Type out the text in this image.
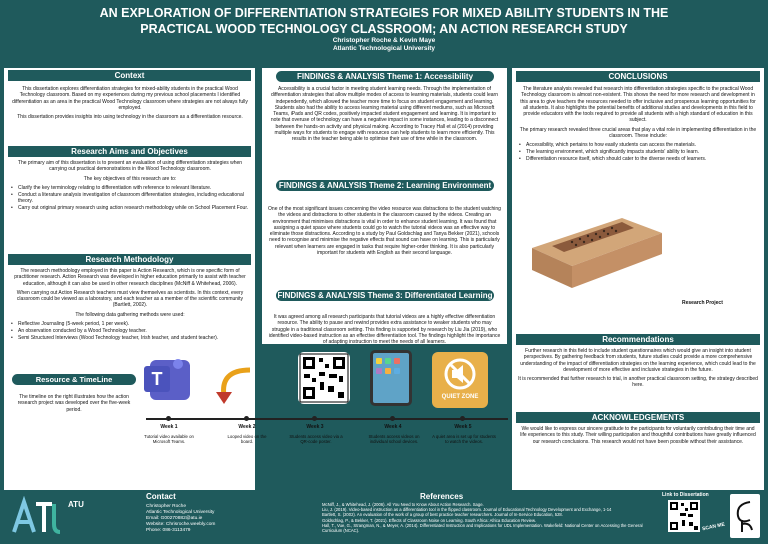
AN EXPLORATION OF DIFFERENTIATION STRATEGIES FOR MIXED ABILITY STUDENTS IN THE
PRACTICAL WOOD TECHNOLOGY CLASSROOM; AN ACTION RESEARCH STUDY
Christopher Roche & Kevin Maye
Atlantic Technological University
Context

This dissertation explores differentiation strategies for mixed-ability students in the practical Wood Technology classroom. Based on my experiences during my previous school placements I identified differentiation as an area in the practical Wood Technology classroom where strategies are not always fully employed.

This dissertation provides insights into using technology in the classroom as a differentiation resource.

Research Aims and Objectives

The primary aim of this dissertation is to present an evaluation of using differentiation strategies when carrying out practical demonstrations in the Wood Technology classroom.

The key objectives of this research are to:

• Clarify the key terminology relating to differentiation with reference to relevant literature.
• Conduct a literature analysis investigation of classroom differentiation strategies, including educational theory.
• Carry out original primary research using action research methodology while on School Placement Four.
Research Methodology

The research methodology employed in this paper is Action Research, which is one specific form of practitioner research. Action Research was developed in higher education primarily to assist with teacher education, although it can also be used in other research disciplines (McNiff & Whitehead, 2006).

When carrying out Action Research teachers must view themselves as scientists. In this context, every classroom could be viewed as a laboratory, and each teacher as a member of the scientific community (Bartlett, 2002).

The following data gathering methods were used:

• Reflective Journaling (5-week period, 1 per week).
• An observation conducted by a Wood Technology teacher.
• Semi Structured Interviews (Wood Technology teacher, Irish teacher, and student teacher).
Resource & TimeLine
The timeline on the right illustrates how the action research project was developed over the five-week period.
T
QUIET ZONE
Week 1	Week 2	Week 3	Week 4	Week 5
Tutorial video available on Microsoft Teams.
Looped video on the board.
Students access video via a QR-code poster.
Students access videos on individual school devices.
A quiet area is set up for students to watch the videos.
FINDINGS & ANALYSIS Theme 1: Accessibility
Accessibility is a crucial factor in meeting student learning needs. Through the implementation of differentiation strategies that allow multiple modes of access to learning materials, students could learn independently, which allowed the teacher more time to focus on student engagement and learning. Students also had the ability to access learning material using different mediums, such as Microsoft Teams, iPads and QR codes, positively impacted student engagement and learning. It is important to note that overuse of technology can have a negative impact in some instances, leading to a disconnect between the hands-on activity and physical making. According to Tracey Hall et al (2014) providing multiple ways for students to engage with resources can help students to learn more efficiently. This results in the teacher being able to optimise their use of time while in the classroom.
FINDINGS & ANALYSIS Theme 2: Learning Environment
One of the most significant issues concerning the video resource was distractions to the student watching the videos and distractions to other students in the classroom caused by the videos. Creating an environment that minimises distractions is vital in order to enhance student learning. It was found that assigning a quiet space where students could go to watch the tutorial videos was an effective way to eliminate those distractions. According to a study by Paul Goldschlag and Tanya Bekker (2021), schools need to recognise and minimise the negative effects that sound can have on learning. This is particularly relevant when learners are engaged in tasks that require higher-order thinking. It is also particularly important for students with English as their second language.
FINDINGS & ANALYSIS Theme 3: Differentiated Learning
It was agreed among all research participants that tutorial videos are a highly effective differentiation resource. The ability to pause and rewind provides extra assistance to weaker students who may struggle in a traditional classroom setting. This finding is supported by research by Liu Jia (2019), who identified video-based instruction as an effective differentiation tool. The findings highlight the importance of adapting instruction to meet the needs of all learners.
CONCLUSIONS

The literature analysis revealed that research into differentiation strategies specific to the practical Wood Technology classroom is almost non-existent. This shows the need for more research and development in this area to give teachers the resources needed to offer inclusive and prosperous learning opportunities for all students. It also highlights the potential benefits of additional studies and developments in this field to provide educators with the tools required to provide all students with a high standard of education in this subject.

The primary research revealed three crucial areas that play a vital role in implementing differentiation in the classroom. These include:

• Accessibility, which pertains to how easily students can access the materials.
• The learning environment, which significantly impacts students' ability to learn.
• Differentiation resource itself, which should cater to the diverse needs of learners.
Research Project
Recommendations

Further research in this field to include student questionnaires which would give an insight into student perspectives. By gathering feedback from students, future studies could provide a more comprehensive understanding of the impact of differentiation strategies on the learning experience, which could lead to the development of more effective and inclusive strategies in the future.

It is recommended that further research to trial, in another practical classroom setting, the strategy described here.

ACKNOWLEDGEMENTS
We would like to express our sincere gratitude to the participants for voluntarily contributing their time and life experiences to this study. Their willing participation and thoughtful contributions have greatly influenced our research conclusions. This research would not have been possible without their assistance.
ATU
Contact
Christopher Roche
Atlantic Technological University
Email: G00270882@atu.ie
Website: Chrisroche.weebly.com
Phone: 086-3113479
References
McNiff, J., & Whitehead, J. (2006). All You Need to Know About Action Research. Sage.
Liu, J. (2019). Video-based instruction as a differentiation tool in the flipped classroom. Journal of Educational Technology Development and Exchange, 1-14
Bartlett, S. (2002). An evaluation of the work of a group of best practice teacher researchers. Journal of In-Service Education, 528.
Goldschlag, P., & Bekker, T. (2021). Effects of Classroom Noise on Learning. South Africa: Africa Education Review.
Hall, T., Vue, G., Strangman, N., & Meyer, A. (2014). Differentiated Instruction and Implications for UDL Implementation. Wakefield: National Center on Accessing the General Curriculum (NCAC).
Link to Dissertation
SCAN ME
